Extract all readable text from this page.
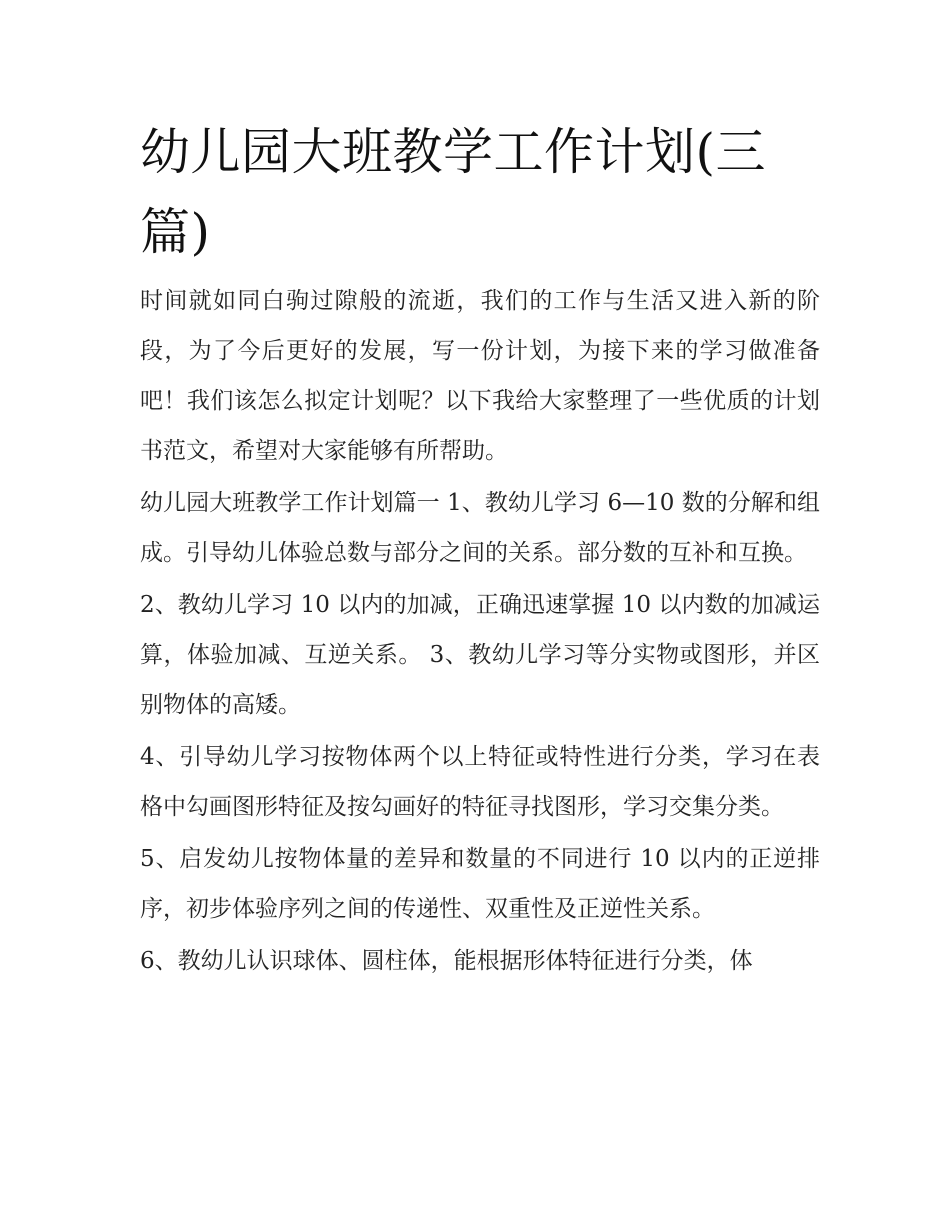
幼儿园大班教学工作计划(三篇)

时间就如同白驹过隙般的流逝，我们的工作与生活又进入新的阶段，为了今后更好的发展，写一份计划，为接下来的学习做准备吧！我们该怎么拟定计划呢？以下我给大家整理了一些优质的计划书范文，希望对大家能够有所帮助。

幼儿园大班教学工作计划篇一 1、教幼儿学习 6—10 数的分解和组成。引导幼儿体验总数与部分之间的关系。部分数的互补和互换。

2、教幼儿学习 10 以内的加减，正确迅速掌握 10 以内数的加减运算，体验加减、互逆关系。 3、教幼儿学习等分实物或图形，并区别物体的高矮。

4、引导幼儿学习按物体两个以上特征或特性进行分类，学习在表格中勾画图形特征及按勾画好的特征寻找图形，学习交集分类。

5、启发幼儿按物体量的差异和数量的不同进行 10 以内的正逆排序，初步体验序列之间的传递性、双重性及正逆性关系。

6、教幼儿认识球体、圆柱体，能根据形体特征进行分类，体
